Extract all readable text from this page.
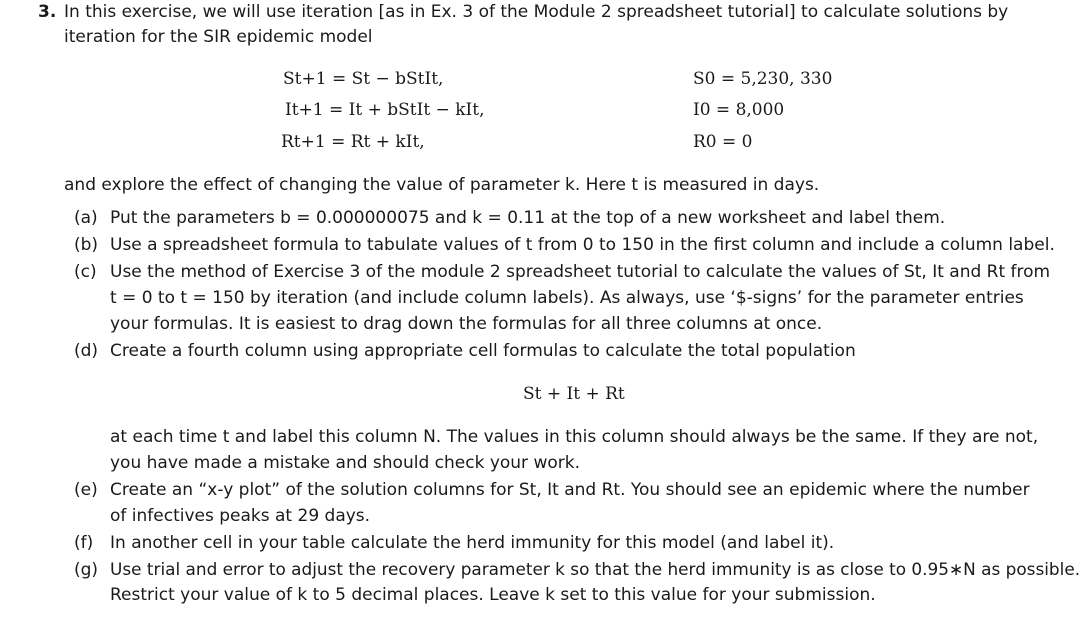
3. In this exercise, we will use iteration [as in Ex. 3 of the Module 2 spreadsheet tutorial] to calculate solutions by
iteration for the SIR epidemic model
St+1 = St − bStIt,
It+1 = It + bStIt − kIt,
Rt+1 = Rt + kIt,
S0 = 5,230, 330
I0 = 8,000
R0 = 0
and explore the effect of changing the value of parameter k. Here t is measured in days.
(a) Put the parameters b = 0.000000075 and k = 0.11 at the top of a new worksheet and label them.
(b) Use a spreadsheet formula to tabulate values of t from 0 to 150 in the first column and include a column label.
(c) Use the method of Exercise 3 of the module 2 spreadsheet tutorial to calculate the values of St, It and Rt from
t = 0 to t = 150 by iteration (and include column labels). As always, use ‘$-signs’ for the parameter entries
your formulas. It is easiest to drag down the formulas for all three columns at once.
(d) Create a fourth column using appropriate cell formulas to calculate the total population
St + It + Rt
at each time t and label this column N. The values in this column should always be the same. If they are not,
you have made a mistake and should check your work.
(e) Create an “x-y plot” of the solution columns for St, It and Rt. You should see an epidemic where the number
of infectives peaks at 29 days.
(f) In another cell in your table calculate the herd immunity for this model (and label it).
(g) Use trial and error to adjust the recovery parameter k so that the herd immunity is as close to 0.95∗N as possible.
Restrict your value of k to 5 decimal places. Leave k set to this value for your submission.
